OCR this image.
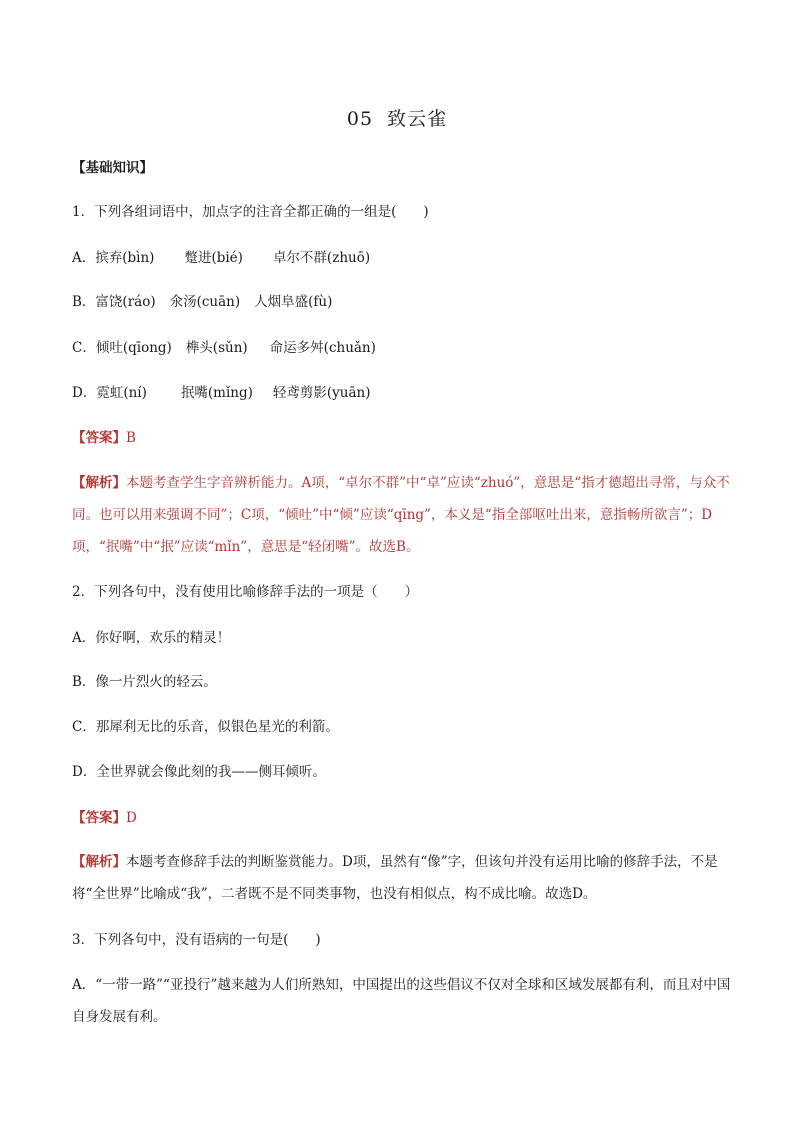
05 致云雀
【基础知识】
1．下列各组词语中，加点字的注音全都正确的一组是(　　)
A．摈弃(bìn) 蹩进(bié) 卓尔不群(zhuō)
B．富饶(ráo) 氽汤(cuān) 人烟阜盛(fù)
C．倾吐(qīong) 榫头(sǔn) 命运多舛(chuǎn)
D．霓虹(ní)	抿嘴(mǐng) 轻鸢剪影(yuān)
【答案】B
【解析】本题考查学生字音辨析能力。A项，“卓尔不群”中“卓”应读“zhuó”，意思是“指才德超出寻常，与众不同。也可以用来强调不同”；C项，“倾吐”中“倾”应读“qīng”，本义是“指全部呕吐出来，意指畅所欲言”；D项，“抿嘴”中“抿”应读“mǐn”，意思是“轻闭嘴”。故选B。
2．下列各句中，没有使用比喻修辞手法的一项是（　　）
A．你好啊，欢乐的精灵！
B．像一片烈火的轻云。
C．那犀利无比的乐音，似银色星光的利箭。
D．全世界就会像此刻的我——侧耳倾听。
【答案】D
【解析】本题考查修辞手法的判断鉴赏能力。D项，虽然有“像”字，但该句并没有运用比喻的修辞手法，不是将“全世界”比喻成“我”，二者既不是不同类事物，也没有相似点，构不成比喻。故选D。
3．下列各句中，没有语病的一句是(　　)
A．“一带一路”“亚投行”越来越为人们所熟知，中国提出的这些倡议不仅对全球和区域发展都有利，而且对中国自身发展有利。
